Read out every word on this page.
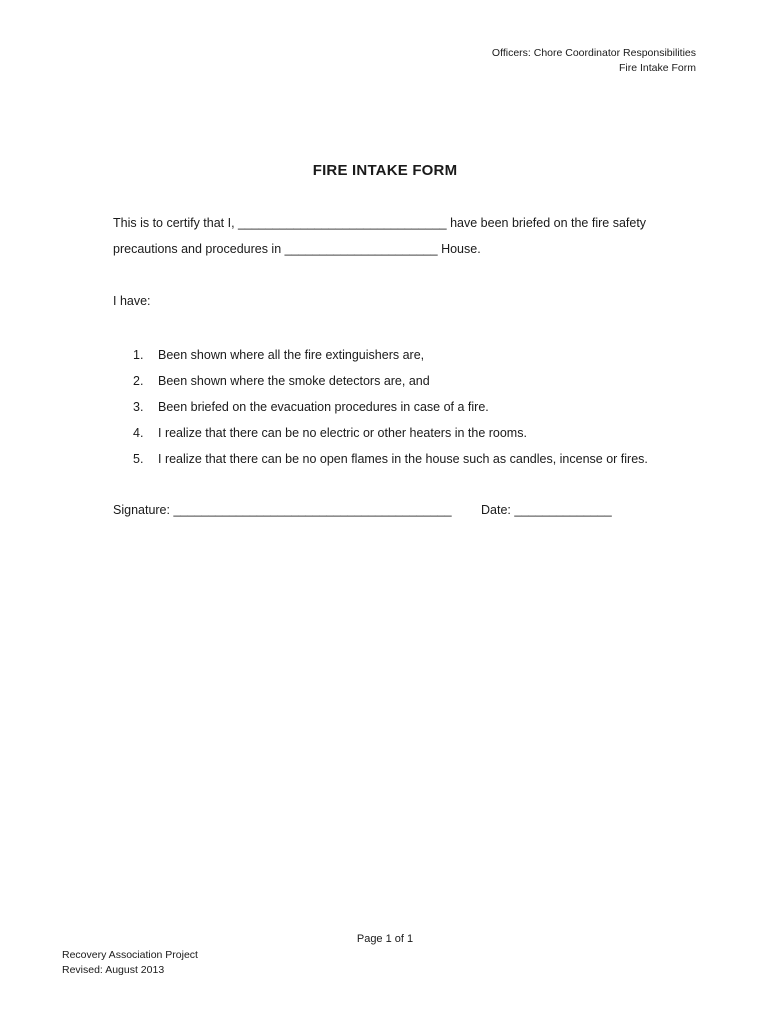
Officers: Chore Coordinator Responsibilities
Fire Intake Form
FIRE INTAKE FORM
This is to certify that I, ______________________________ have been briefed on the fire safety
precautions and procedures in ______________________ House.
I have:
1. Been shown where all the fire extinguishers are,
2. Been shown where the smoke detectors are, and
3. Been briefed on the evacuation procedures in case of a fire.
4. I realize that there can be no electric or other heaters in the rooms.
5. I realize that there can be no open flames in the house such as candles, incense or fires.
Signature: ________________________________________ Date: ______________
Page 1 of 1
Recovery Association Project
Revised: August 2013
